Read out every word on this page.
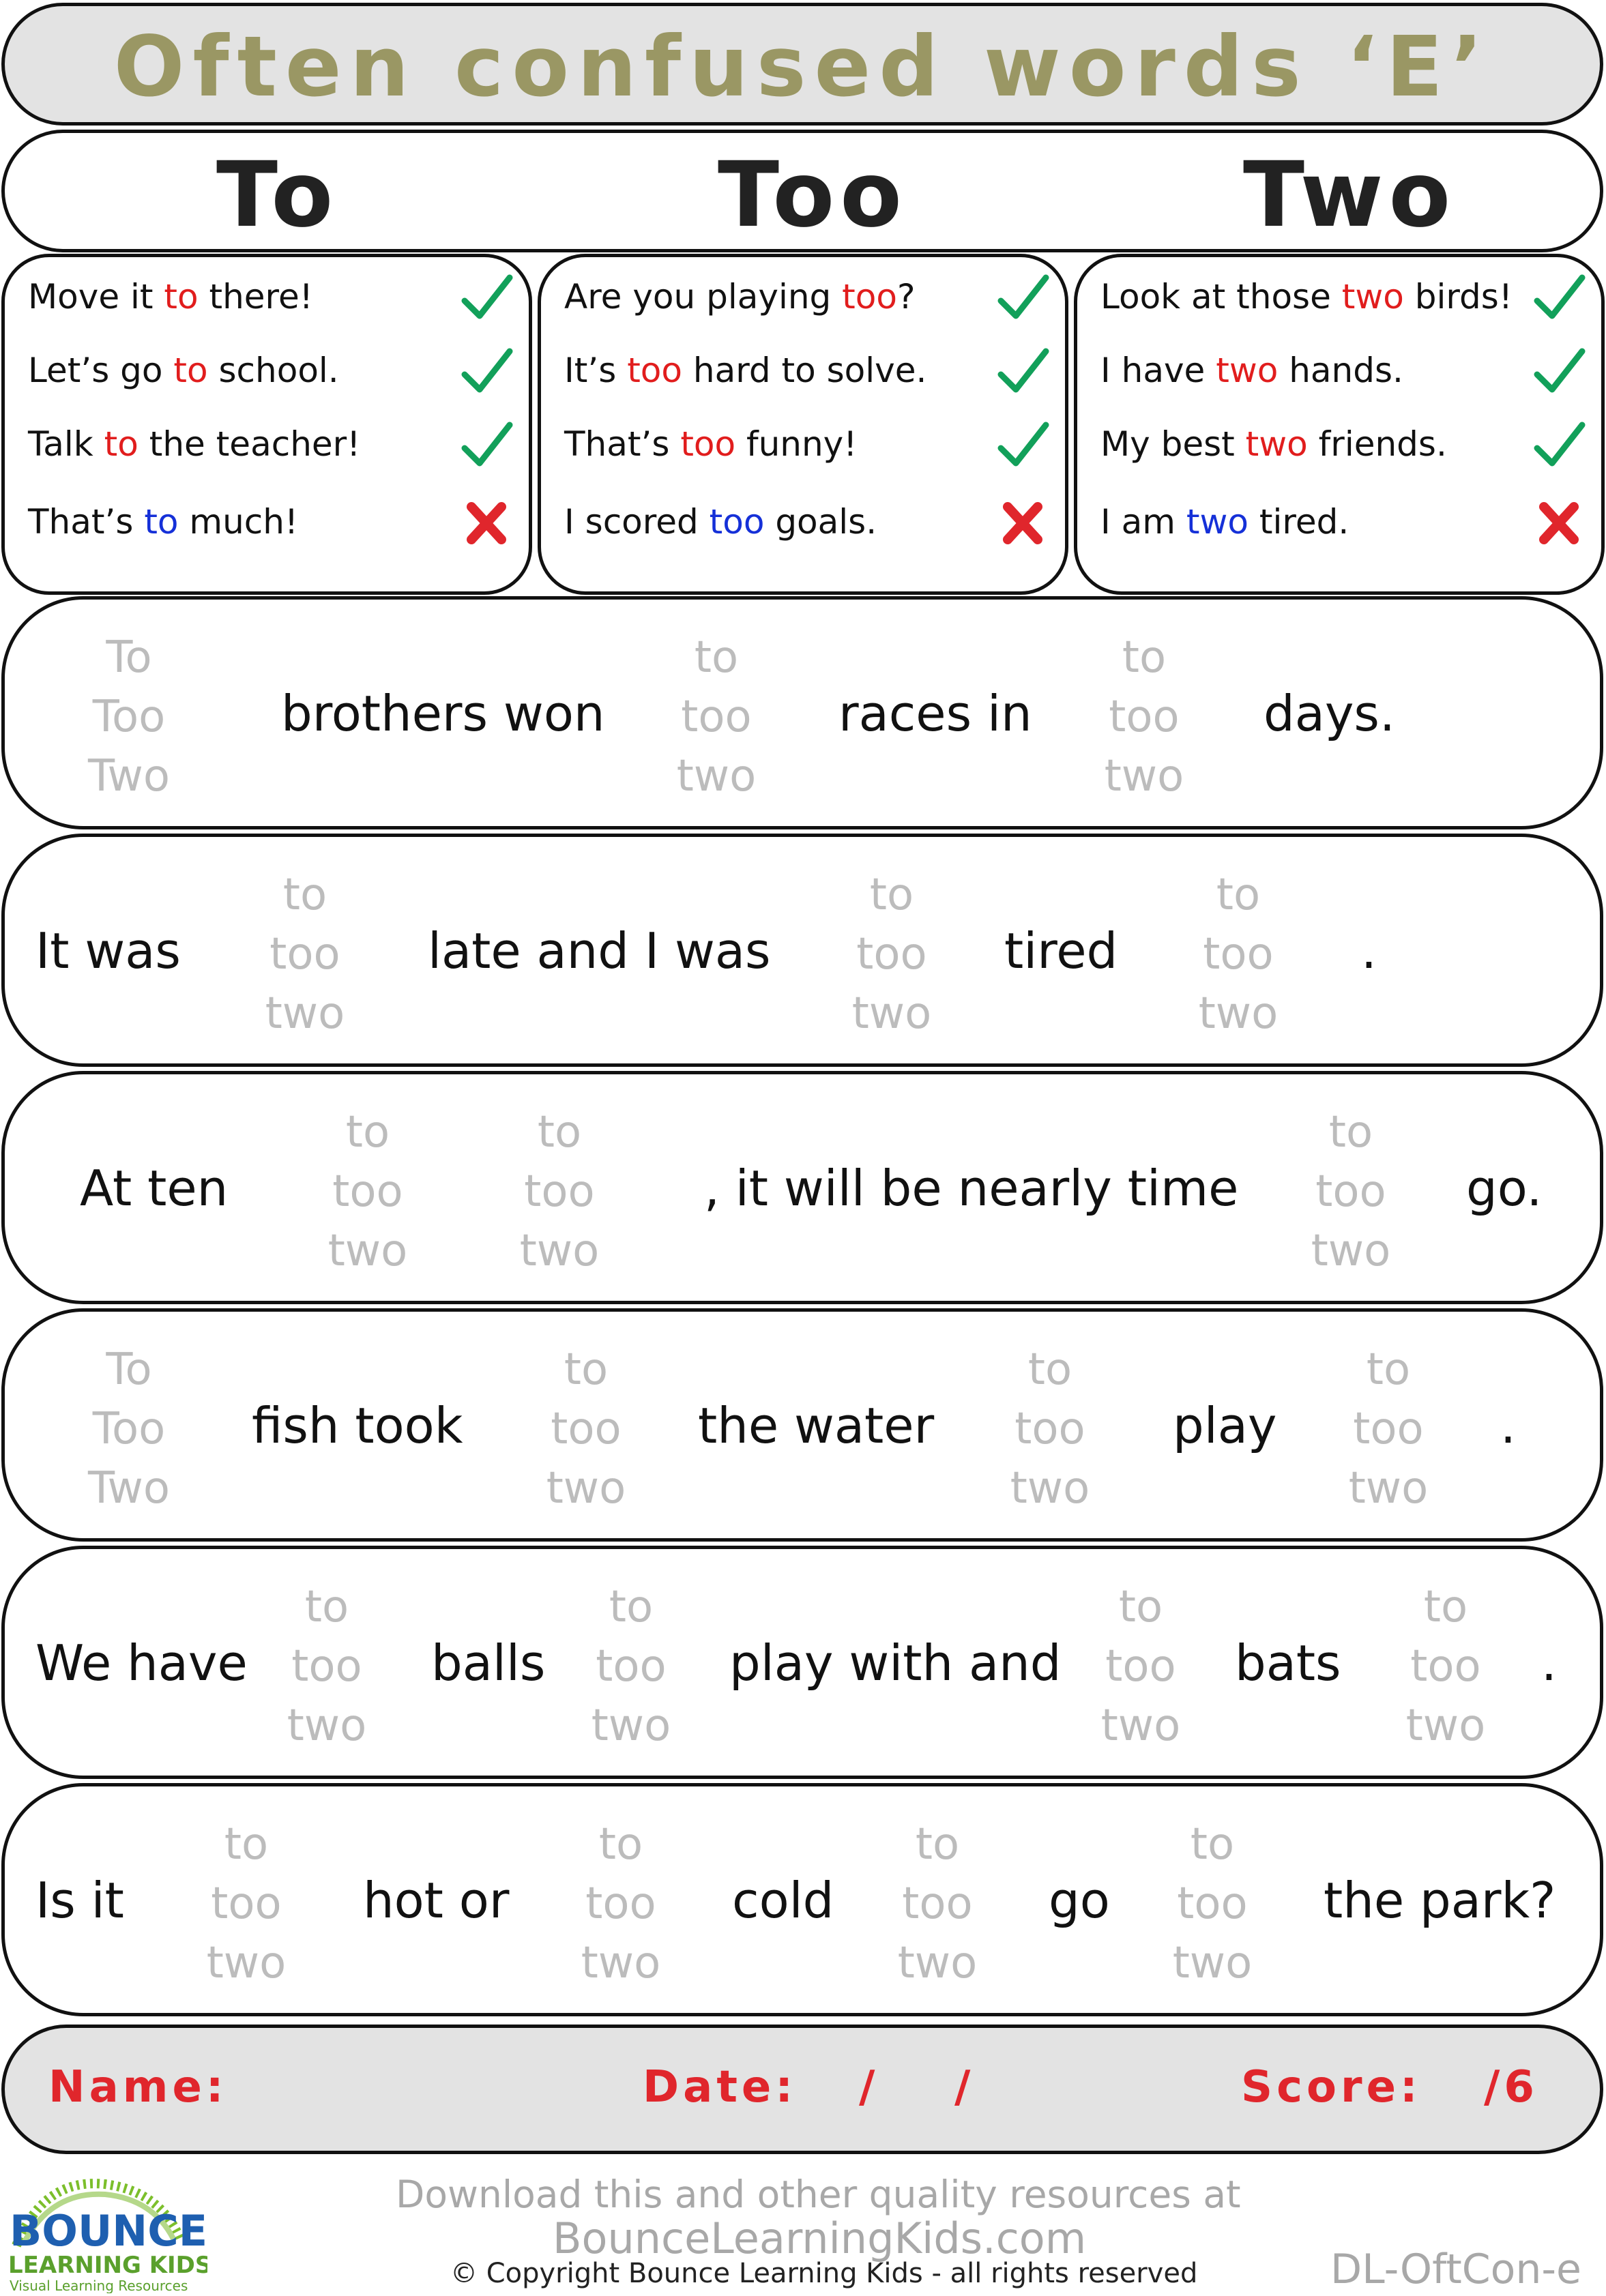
Often confused words ‘E’
To	Too	Two
Move it to there!
Let’s go to school.
Talk to the teacher!
That’s to much!
Are you playing too?
It’s too hard to solve.
That’s too funny!
I scored too goals.
Look at those two birds!
I have two hands.
My best two friends.
I am two tired.
To
Too
Two
brothers won
to
too
two
races in
to
too
two
days.
It was
to
too
two
late and I was
to
too
two
tired
to
too
two
.
At ten
to
too
two
to
too
two
, it will be nearly time
to
too
two
go.
To
Too
Two
fish took
to
too
two
the water
to
too
two
play
to
too
two
.
We have
to
too
two
balls
to
too
two
play with and
to
too
two
bats
to
too
two
.
Is it
to
too
two
hot or
to
too
two
cold
to
too
two
go
to
too
two
the park?
Name:	Date: / /	Score: /6
BOUNCE
LEARNING KIDS
Visual Learning Resources
Download this and other quality resources at
BounceLearningKids.com
© Copyright Bounce Learning Kids - all rights reserved	DL-OftCon-e
